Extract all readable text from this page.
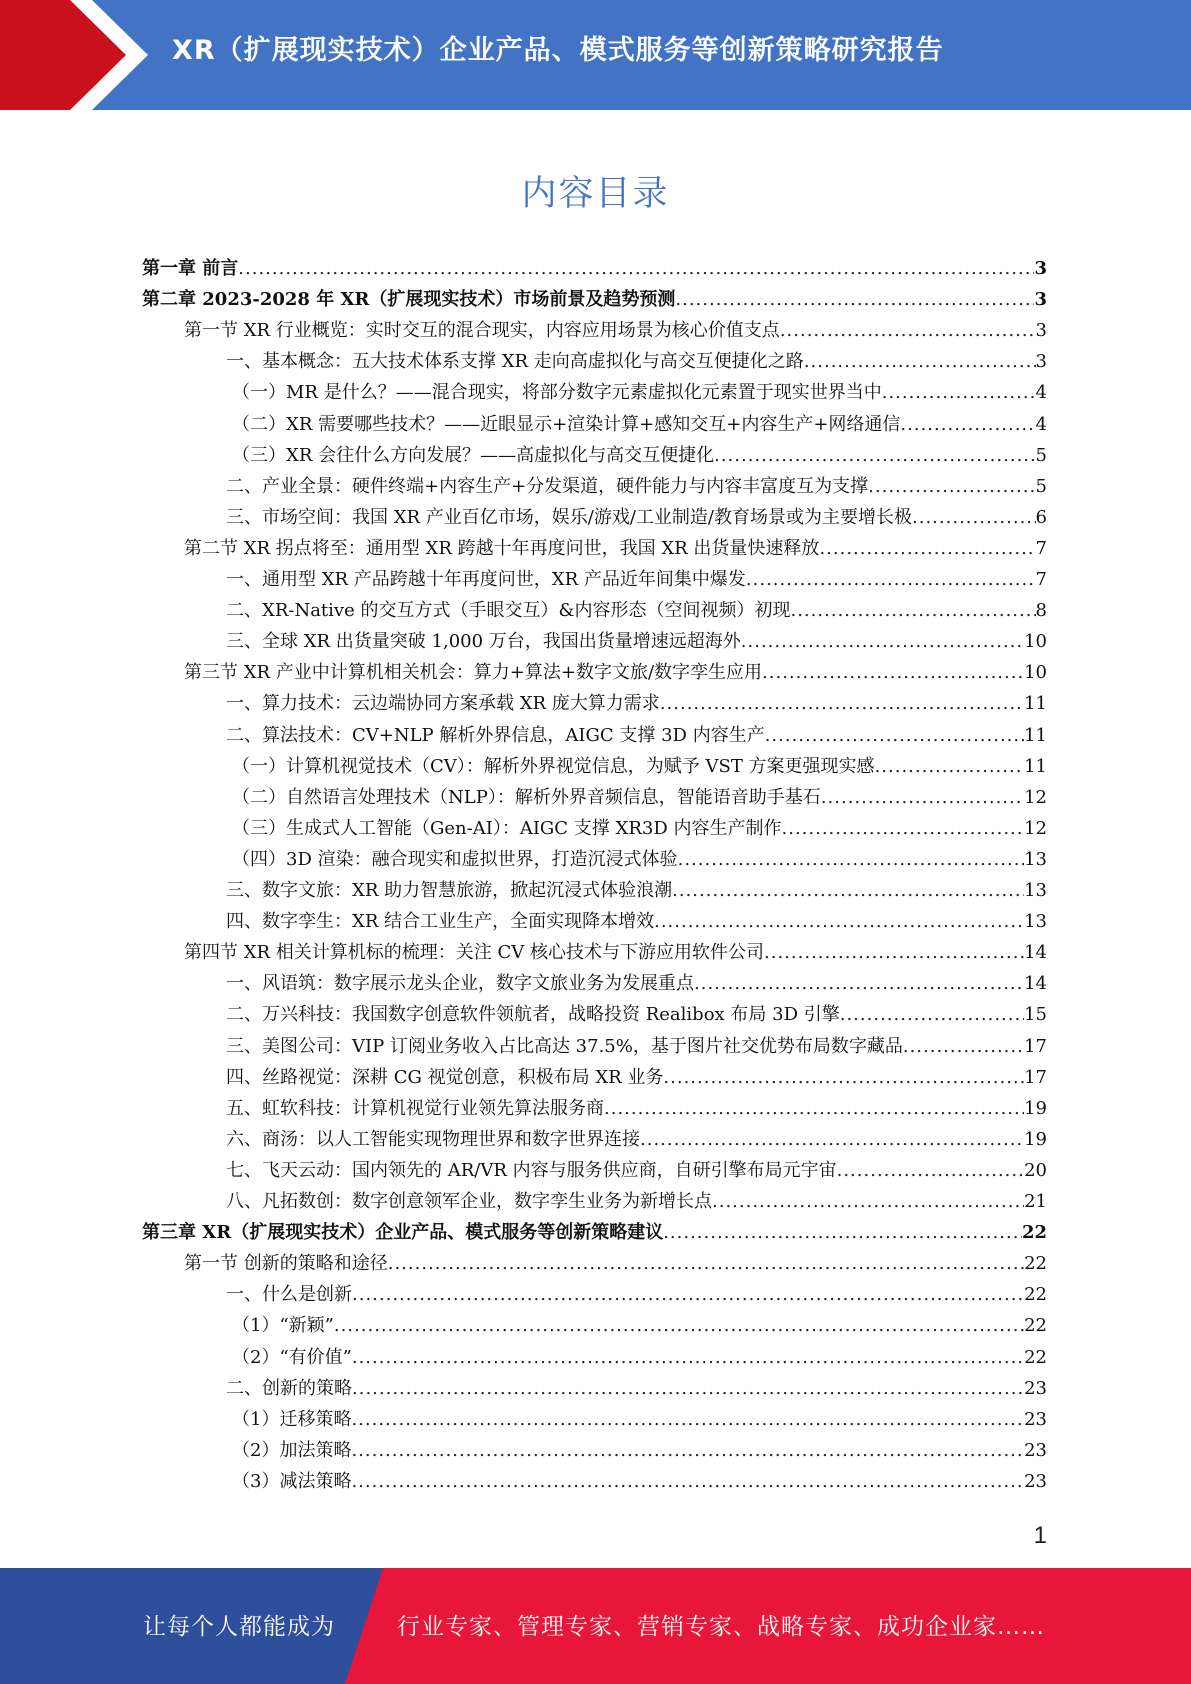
XR（扩展现实技术）企业产品、模式服务等创新策略研究报告
内容目录
第一章 前言 .....	3
第二章 2023-2028 年 XR（扩展现实技术）市场前景及趋势预测 .....	3
第一节 XR 行业概览：实时交互的混合现实，内容应用场景为核心价值支点 .....	3
一、基本概念：五大技术体系支撑 XR 走向高虚拟化与高交互便捷化之路 .....	3
（一）MR 是什么？——混合现实，将部分数字元素虚拟化元素置于现实世界当中 .....	4
（二）XR 需要哪些技术？——近眼显示+渲染计算+感知交互+内容生产+网络通信 .....	4
（三）XR 会往什么方向发展？——高虚拟化与高交互便捷化 .....	5
二、产业全景：硬件终端+内容生产+分发渠道，硬件能力与内容丰富度互为支撑 .....	5
三、市场空间：我国 XR 产业百亿市场，娱乐/游戏/工业制造/教育场景或为主要增长极 .....	6
第二节 XR 拐点将至：通用型 XR 跨越十年再度问世，我国 XR 出货量快速释放 .....	7
一、通用型 XR 产品跨越十年再度问世，XR 产品近年间集中爆发 .....	7
二、XR-Native 的交互方式（手眼交互）&内容形态（空间视频）初现 .....	8
三、全球 XR 出货量突破 1,000 万台，我国出货量增速远超海外 .....	10
第三节 XR 产业中计算机相关机会：算力+算法+数字文旅/数字孪生应用 .....	10
一、算力技术：云边端协同方案承载 XR 庞大算力需求 .....	11
二、算法技术：CV+NLP 解析外界信息，AIGC 支撑 3D 内容生产 .....	11
（一）计算机视觉技术（CV）：解析外界视觉信息，为赋予 VST 方案更强现实感 .....	11
（二）自然语言处理技术（NLP）：解析外界音频信息，智能语音助手基石 .....	12
（三）生成式人工智能（Gen-AI）：AIGC 支撑 XR3D 内容生产制作 .....	12
（四）3D 渲染：融合现实和虚拟世界，打造沉浸式体验 .....	13
三、数字文旅：XR 助力智慧旅游，掀起沉浸式体验浪潮 .....	13
四、数字孪生：XR 结合工业生产，全面实现降本增效 .....	13
第四节 XR 相关计算机标的梳理：关注 CV 核心技术与下游应用软件公司 .....	14
一、风语筑：数字展示龙头企业，数字文旅业务为发展重点 .....	14
二、万兴科技：我国数字创意软件领航者，战略投资 Realibox 布局 3D 引擎 .....	15
三、美图公司：VIP 订阅业务收入占比高达 37.5%，基于图片社交优势布局数字藏品 .....	17
四、丝路视觉：深耕 CG 视觉创意，积极布局 XR 业务 .....	17
五、虹软科技：计算机视觉行业领先算法服务商 .....	19
六、商汤：以人工智能实现物理世界和数字世界连接 .....	19
七、飞天云动：国内领先的 AR/VR 内容与服务供应商，自研引擎布局元宇宙 .....	20
八、凡拓数创：数字创意领军企业，数字孪生业务为新增长点 .....	21
第三章 XR（扩展现实技术）企业产品、模式服务等创新策略建议 .....	22
第一节 创新的策略和途径 .....	22
一、什么是创新 .....	22
（1）“新颖” .....	22
（2）“有价值” .....	22
二、创新的策略 .....	23
（1）迁移策略 .....	23
（2）加法策略 .....	23
（3）减法策略 .....	23
1
让每个人都能成为	行业专家、管理专家、营销专家、战略专家、成功企业家……
